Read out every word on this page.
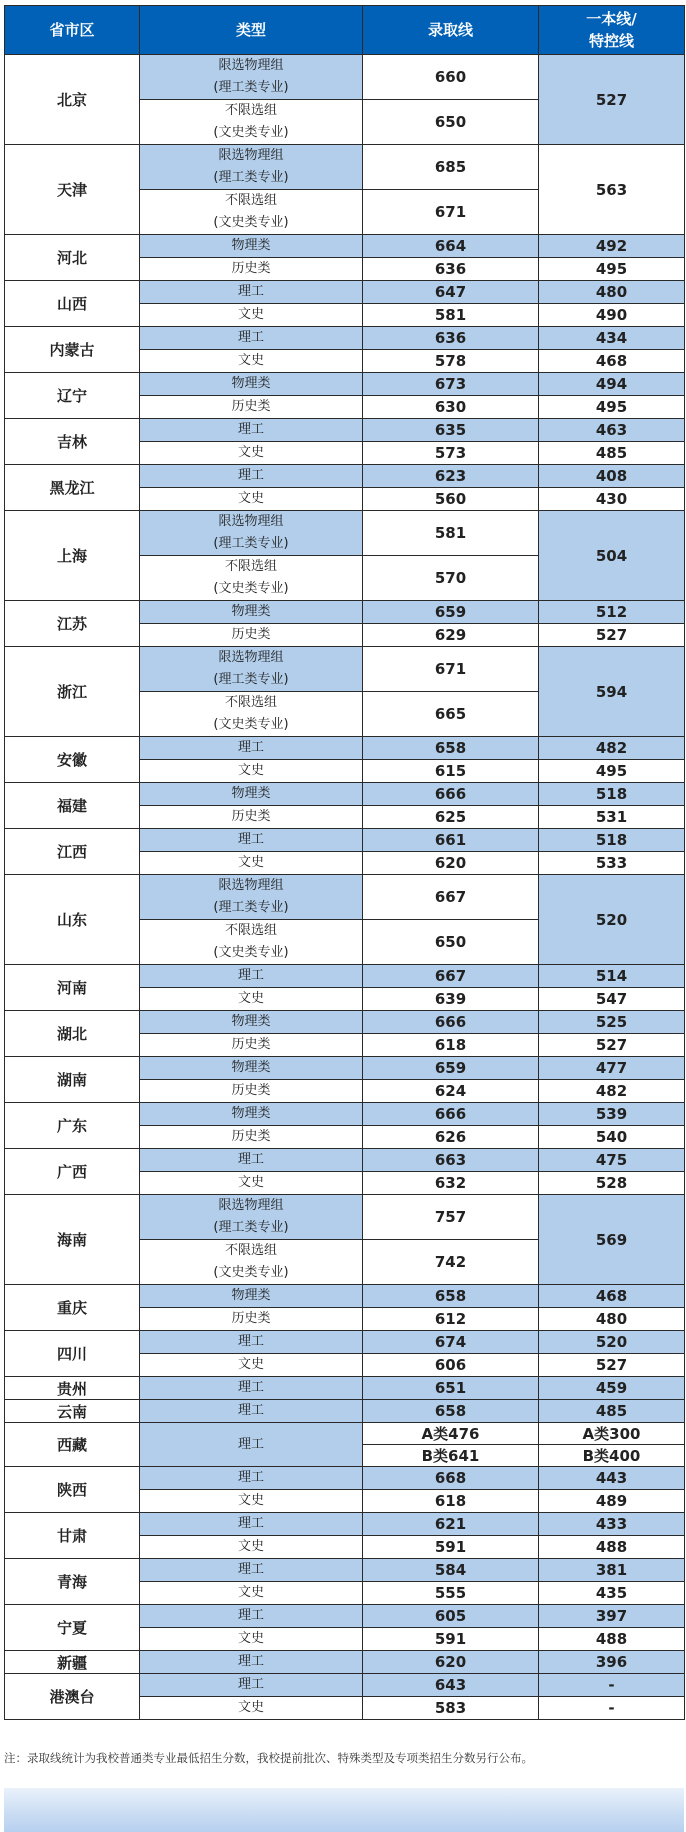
省市区	类型	录取线	一本线/
特控线
北京	限选物理组
(理工类专业)	660	527
	不限选组
(文史类专业)	650	
天津	限选物理组
(理工类专业)	685	563
	不限选组
(文史类专业)	671	
河北	物理类	664	492
	历史类	636	495
山西	理工	647	480
	文史	581	490
内蒙古	理工	636	434
	文史	578	468
辽宁	物理类	673	494
	历史类	630	495
吉林	理工	635	463
	文史	573	485
黑龙江	理工	623	408
	文史	560	430
上海	限选物理组
(理工类专业)	581	504
	不限选组
(文史类专业)	570	
江苏	物理类	659	512
	历史类	629	527
浙江	限选物理组
(理工类专业)	671	594
	不限选组
(文史类专业)	665	
安徽	理工	658	482
	文史	615	495
福建	物理类	666	518
	历史类	625	531
江西	理工	661	518
	文史	620	533
山东	限选物理组
(理工类专业)	667	520
	不限选组
(文史类专业)	650	
河南	理工	667	514
	文史	639	547
湖北	物理类	666	525
	历史类	618	527
湖南	物理类	659	477
	历史类	624	482
广东	物理类	666	539
	历史类	626	540
广西	理工	663	475
	文史	632	528
海南	限选物理组
(理工类专业)	757	569
	不限选组
(文史类专业)	742	
重庆	物理类	658	468
	历史类	612	480
四川	理工	674	520
	文史	606	527
贵州	理工	651	459
云南	理工	658	485
西藏	理工	A类476	A类300
		B类641	B类400
陕西	理工	668	443
	文史	618	489
甘肃	理工	621	433
	文史	591	488
青海	理工	584	381
	文史	555	435
宁夏	理工	605	397
	文史	591	488
新疆	理工	620	396
港澳台	理工	643	-
	文史	583	-
注：录取线统计为我校普通类专业最低招生分数，我校提前批次、特殊类型及专项类招生分数另行公布。
